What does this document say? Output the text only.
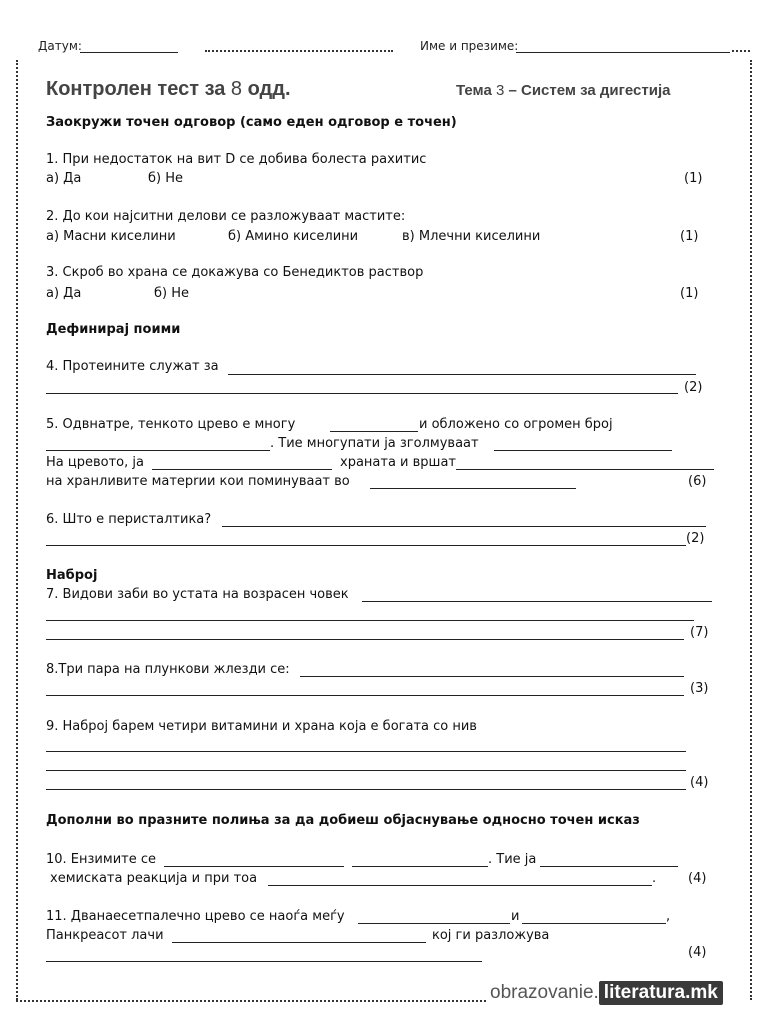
Датум:	Име и презиме:
Контролен тест за 8 одд.	Тема 3 – Систем за дигестија
Заокружи точен одговор (само еден одговор е точен)
1. При недостаток на вит D се добива болеста рахитис
а) Да	б) Не	(1)
2. До кои најситни делови се разложуваат мастите:
а) Масни киселини	б) Амино киселини	в) Млечни киселини	(1)
3. Скроб во храна се докажува со Бенедиктов раствор
а) Да	б) Не	(1)
Дефинирај поими
4. Протеините служат за
(2)
5. Одвнатре, тенкото црево е многу	и обложено со огромен број
. Тие многупати ја зголмуваат
На цревото, ја	храната и вршат
на хранливите матерrии кои поминуваат во	(6)
6. Што е перисталтика?
(2)
Наброј
7. Видови заби во устата на возрасен човек
(7)
8.Три пара на плункови жлезди се:
(3)
9. Наброј барем четири витамини и храна која е богата со нив
(4)
Дополни во празните полиња за да добиеш објаснување односно точен исказ
10. Ензимите се	. Тие ја
хемиската реакција и при тоа	. (4)
11. Дванаесетпалечно црево се наоѓа меѓу	и	,
Панкреасот лачи	кој ги разложува
(4)
obrazovanie. literatura.mk
